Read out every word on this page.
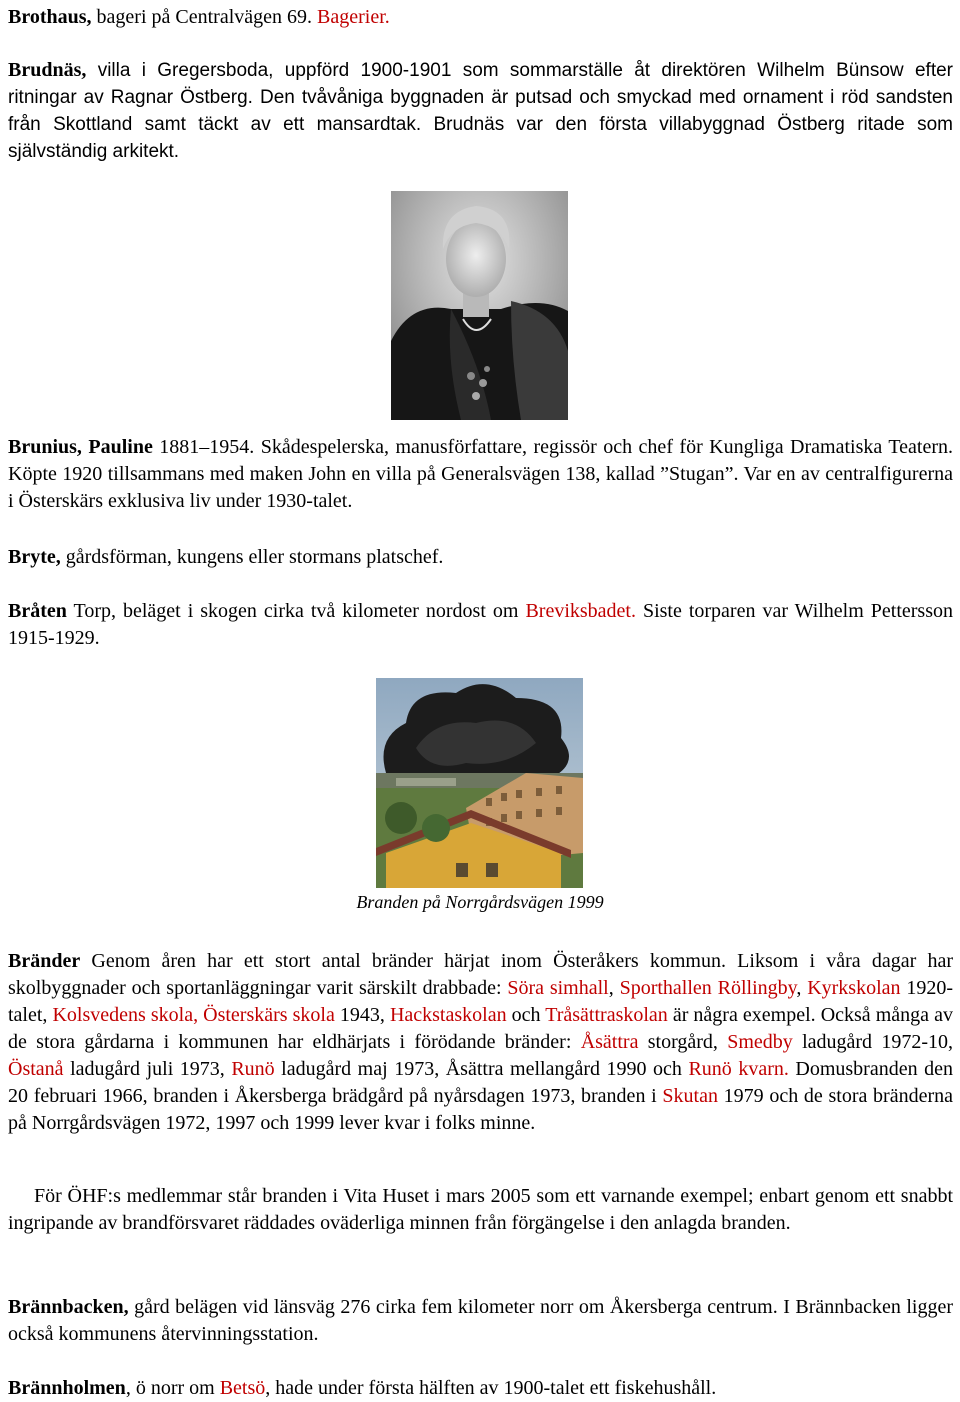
Brothaus, bageri på Centralvägen 69. Bagerier.

Brudnäs, villa i Gregersboda, uppförd 1900-1901 som sommarställe åt direktören Wilhelm Bünsow efter ritningar av Ragnar Östberg. Den tvåvåniga byggnaden är putsad och smyckad med ornament i röd sandsten från Skottland samt täckt av ett mansardtak. Brudnäs var den första villabyggnad Östberg ritade som självständig arkitekt.

Brunius, Pauline 1881–1954. Skådespelerska, manusförfattare, regissör och chef för Kungliga Dramatiska Teatern. Köpte 1920 tillsammans med maken John en villa på Generalsvägen 138, kallad ”Stugan”. Var en av centralfigurerna i Österskärs exklusiva liv under 1930-talet.

Bryte, gårdsförman, kungens eller stormans platschef.

Bråten Torp, beläget i skogen cirka två kilometer nordost om Breviksbadet. Siste torparen var Wilhelm Pettersson 1915-1929.

Branden på Norrgårdsvägen 1999

Bränder Genom åren har ett stort antal bränder härjat inom Österåkers kommun. Liksom i våra dagar har skolbyggnader och sportanläggningar varit särskilt drabbade: Söra simhall, Sporthallen Röllingby, Kyrkskolan 1920-talet, Kolsvedens skola, Österskärs skola 1943, Hackstaskolan och Tråsättraskolan är några exempel. Också många av de stora gårdarna i kommunen har eldhärjats i förödande bränder: Åsättra storgård, Smedby ladugård 1972-10, Östanå ladugård juli 1973, Runö ladugård maj 1973, Åsättra mellangård 1990 och Runö kvarn. Domusbranden den 20 februari 1966, branden i Åkersberga brädgård på nyårsdagen 1973, branden i Skutan 1979 och de stora bränderna på Norrgårdsvägen 1972, 1997 och 1999 lever kvar i folks minne.

För ÖHF:s medlemmar står branden i Vita Huset i mars 2005 som ett varnande exempel; enbart genom ett snabbt ingripande av brandförsvaret räddades oväderliga minnen från förgängelse i den anlagda branden.

Brännbacken, gård belägen vid länsväg 276 cirka fem kilometer norr om Åkersberga centrum. I Brännbacken ligger också kommunens återvinningsstation.

Brännholmen, ö norr om Betsö, hade under första hälften av 1900-talet ett fiskehushåll.
